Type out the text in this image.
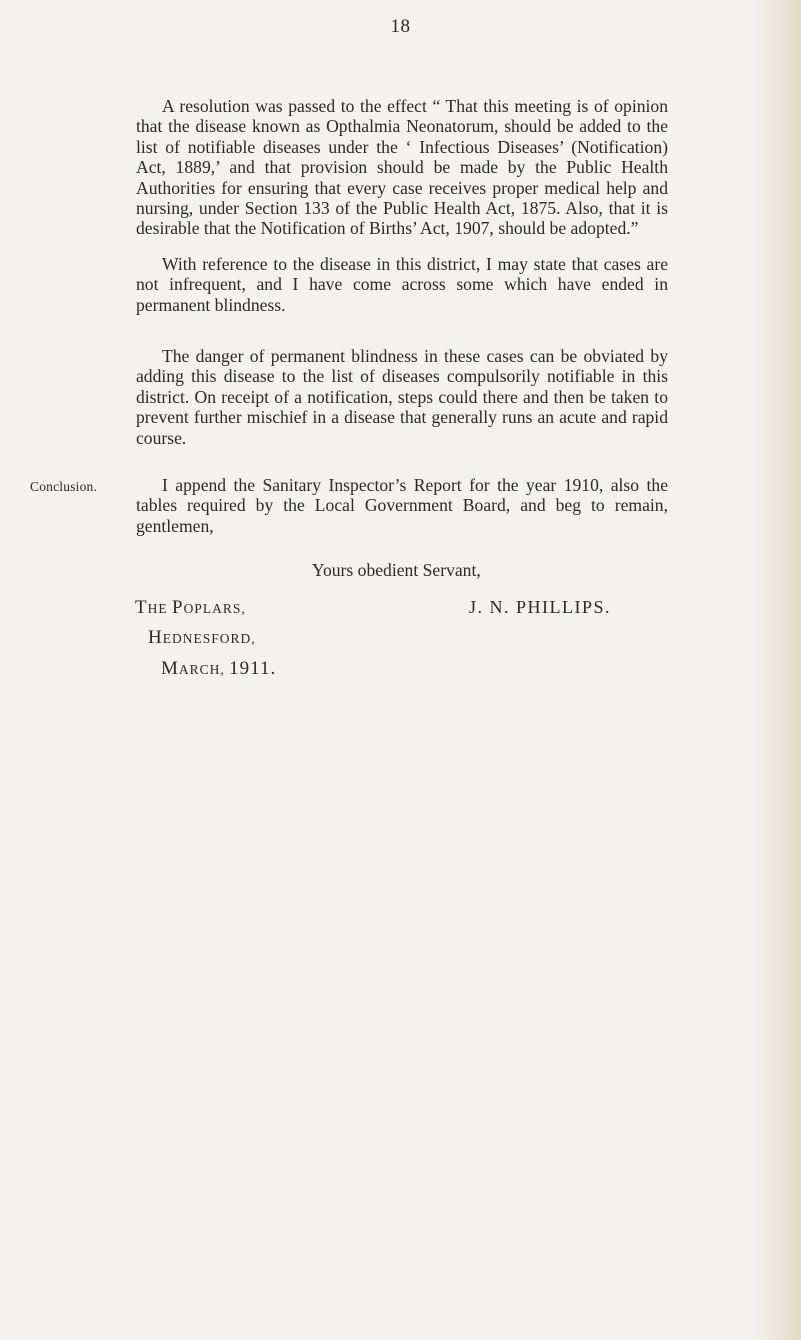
18

A resolution was passed to the effect “ That this meeting is of opinion that the disease known as Opthalmia Neonatorum, should be added to the list of notifiable diseases under the ‘ Infectious Diseases’ (Notification) Act, 1889,’ and that provision should be made by the Public Health Authorities for ensuring that every case receives proper medical help and nursing, under Section 133 of the Public Health Act, 1875. Also, that it is desirable that the Notification of Births’ Act, 1907, should be adopted.”

With reference to the disease in this district, I may state that cases are not infrequent, and I have come across some which have ended in permanent blindness.

The danger of permanent blindness in these cases can be obviated by adding this disease to the list of diseases compulsorily notifiable in this district. On receipt of a notification, steps could there and then be taken to prevent further mischief in a disease that generally runs an acute and rapid course.

Conclusion.	I append the Sanitary Inspector’s Report for the year 1910, also the tables required by the Local Government Board, and beg to remain, gentlemen,

Yours obedient Servant,
THE POPLARS,
HEDNESFORD,
MARCH, 1911.
J. N. PHILLIPS.
